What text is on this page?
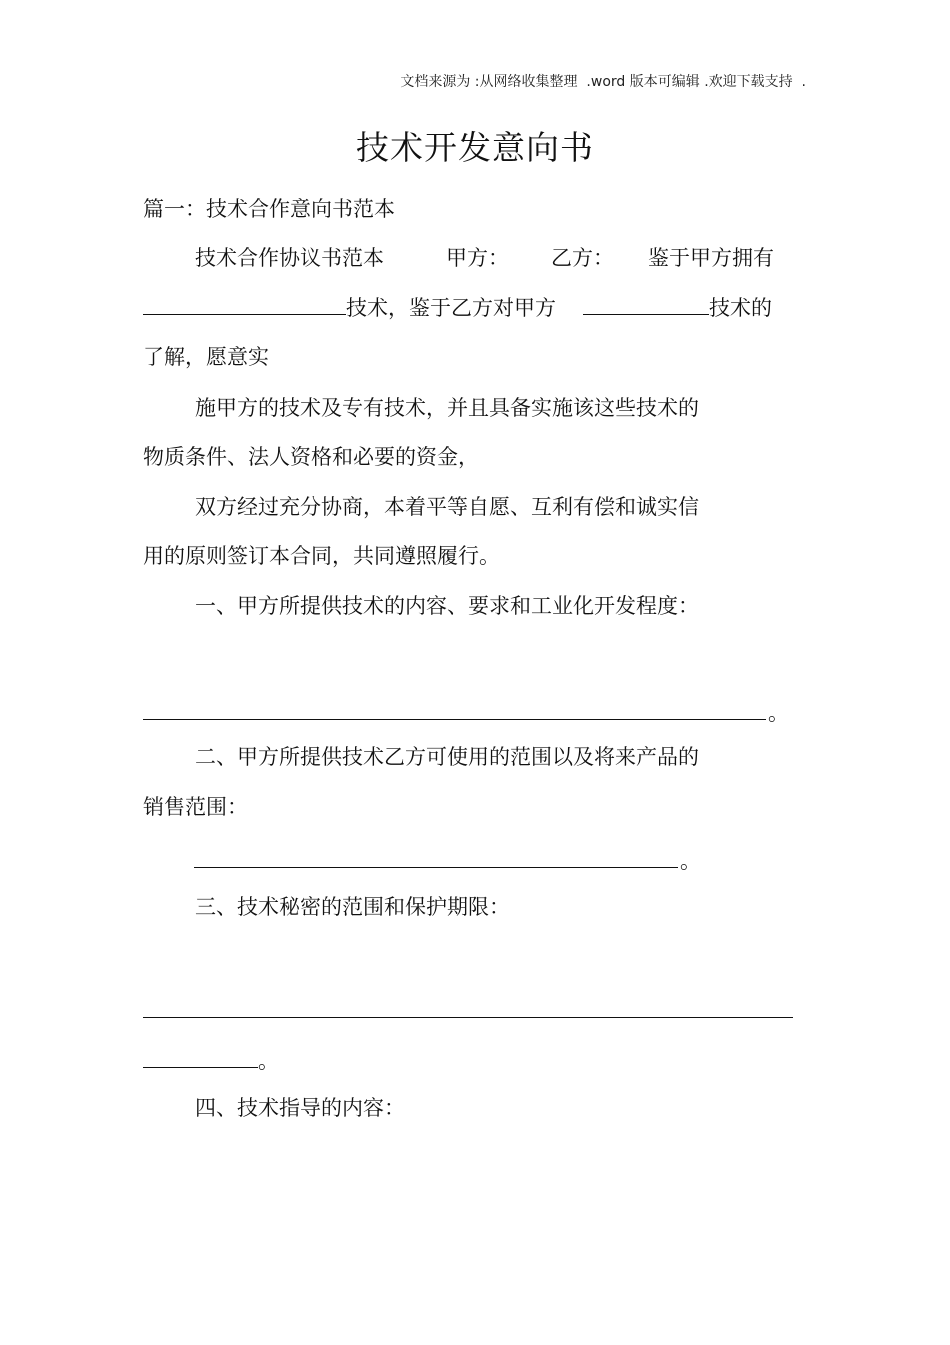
文档来源为 :从网络收集整理  .word 版本可编辑 .欢迎下载支持  .
技术开发意向书
篇一：技术合作意向书范本
技术合作协议书范本	甲方： 乙方： 鉴于甲方拥有
技术，鉴于乙方对甲方	技术的
了解，愿意实
施甲方的技术及专有技术，并且具备实施该这些技术的
物质条件、法人资格和必要的资金，
双方经过充分协商，本着平等自愿、互利有偿和诚实信
用的原则签订本合同，共同遵照履行。
一、甲方所提供技术的内容、要求和工业化开发程度：
。
二、甲方所提供技术乙方可使用的范围以及将来产品的
销售范围：
。
三、技术秘密的范围和保护期限：
。
四、技术指导的内容：
